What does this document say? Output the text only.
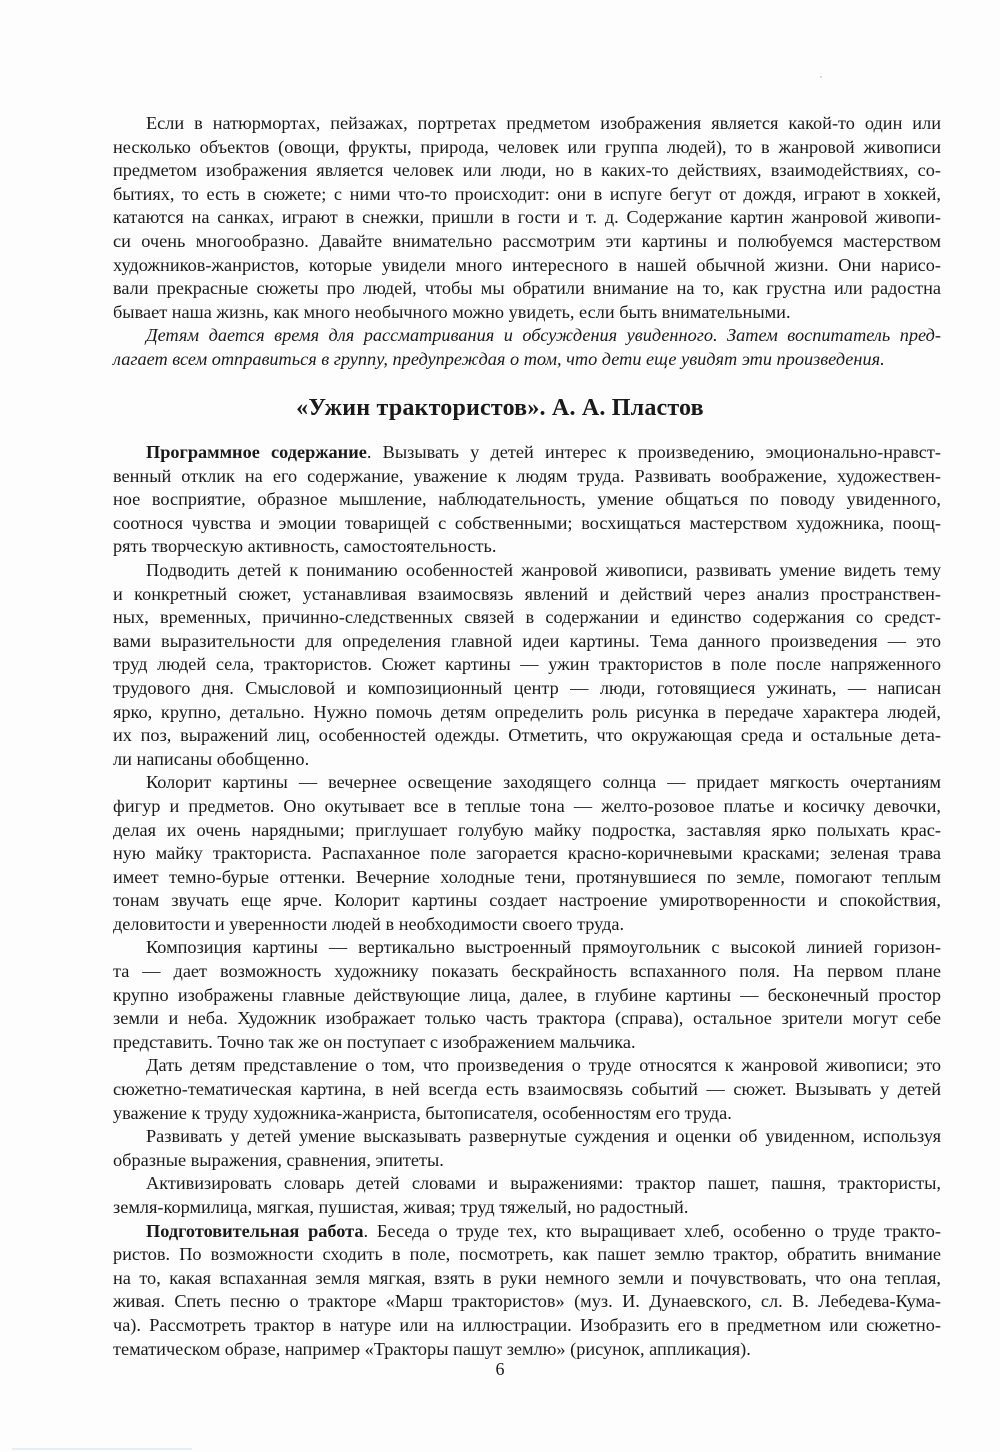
Если в натюрмортах, пейзажах, портретах предметом изображения является какой-то один или
несколько объектов (овощи, фрукты, природа, человек или группа людей), то в жанровой живописи
предметом изображения является человек или люди, но в каких-то действиях, взаимодействиях, со-
бытиях, то есть в сюжете; с ними что-то происходит: они в испуге бегут от дождя, играют в хоккей,
катаются на санках, играют в снежки, пришли в гости и т. д. Содержание картин жанровой живопи-
си очень многообразно. Давайте внимательно рассмотрим эти картины и полюбуемся мастерством
художников-жанристов, которые увидели много интересного в нашей обычной жизни. Они нарисо-
вали прекрасные сюжеты про людей, чтобы мы обратили внимание на то, как грустна или радостна
бывает наша жизнь, как много необычного можно увидеть, если быть внимательными.
Детям дается время для рассматривания и обсуждения увиденного. Затем воспитатель пред-
лагает всем отправиться в группу, предупреждая о том, что дети еще увидят эти произведения.
«Ужин трактористов». А. А. Пластов
Программное содержание. Вызывать у детей интерес к произведению, эмоционально-нравст-
венный отклик на его содержание, уважение к людям труда. Развивать воображение, художествен-
ное восприятие, образное мышление, наблюдательность, умение общаться по поводу увиденного,
соотнося чувства и эмоции товарищей с собственными; восхищаться мастерством художника, поощ-
рять творческую активность, самостоятельность.
Подводить детей к пониманию особенностей жанровой живописи, развивать умение видеть тему
и конкретный сюжет, устанавливая взаимосвязь явлений и действий через анализ пространствен-
ных, временных, причинно-следственных связей в содержании и единство содержания со средст-
вами выразительности для определения главной идеи картины. Тема данного произведения — это
труд людей села, трактористов. Сюжет картины — ужин трактористов в поле после напряженного
трудового дня. Смысловой и композиционный центр — люди, готовящиеся ужинать, — написан
ярко, крупно, детально. Нужно помочь детям определить роль рисунка в передаче характера людей,
их поз, выражений лиц, особенностей одежды. Отметить, что окружающая среда и остальные дета-
ли написаны обобщенно.
Колорит картины — вечернее освещение заходящего солнца — придает мягкость очертаниям
фигур и предметов. Оно окутывает все в теплые тона — желто-розовое платье и косичку девочки,
делая их очень нарядными; приглушает голубую майку подростка, заставляя ярко полыхать крас-
ную майку тракториста. Распаханное поле загорается красно-коричневыми красками; зеленая трава
имеет темно-бурые оттенки. Вечерние холодные тени, протянувшиеся по земле, помогают теплым
тонам звучать еще ярче. Колорит картины создает настроение умиротворенности и спокойствия,
деловитости и уверенности людей в необходимости своего труда.
Композиция картины — вертикально выстроенный прямоугольник с высокой линией горизон-
та — дает возможность художнику показать бескрайность вспаханного поля. На первом плане
крупно изображены главные действующие лица, далее, в глубине картины — бесконечный простор
земли и неба. Художник изображает только часть трактора (справа), остальное зрители могут себе
представить. Точно так же он поступает с изображением мальчика.
Дать детям представление о том, что произведения о труде относятся к жанровой живописи; это
сюжетно-тематическая картина, в ней всегда есть взаимосвязь событий — сюжет. Вызывать у детей
уважение к труду художника-жанриста, бытописателя, особенностям его труда.
Развивать у детей умение высказывать развернутые суждения и оценки об увиденном, используя
образные выражения, сравнения, эпитеты.
Активизировать словарь детей словами и выражениями: трактор пашет, пашня, трактористы,
земля-кормилица, мягкая, пушистая, живая; труд тяжелый, но радостный.
Подготовительная работа. Беседа о труде тех, кто выращивает хлеб, особенно о труде тракто-
ристов. По возможности сходить в поле, посмотреть, как пашет землю трактор, обратить внимание
на то, какая вспаханная земля мягкая, взять в руки немного земли и почувствовать, что она теплая,
живая. Спеть песню о тракторе «Марш трактористов» (муз. И. Дунаевского, сл. В. Лебедева-Кума-
ча). Рассмотреть трактор в натуре или на иллюстрации. Изобразить его в предметном или сюжетно-
тематическом образе, например «Тракторы пашут землю» (рисунок, аппликация).
6
